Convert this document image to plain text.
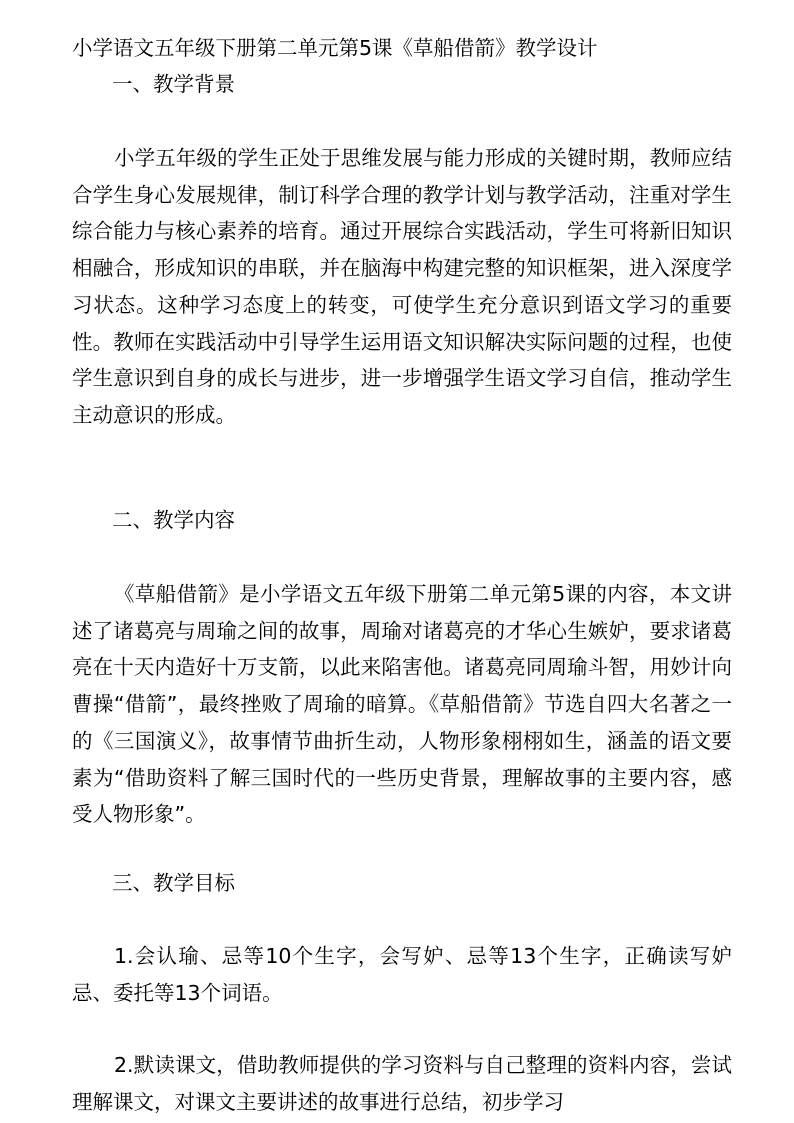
小学语文五年级下册第二单元第5课《草船借箭》教学设计
一、教学背景

小学五年级的学生正处于思维发展与能力形成的关键时期，教师应结合学生身心发展规律，制订科学合理的教学计划与教学活动，注重对学生综合能力与核心素养的培育。通过开展综合实践活动，学生可将新旧知识相融合，形成知识的串联，并在脑海中构建完整的知识框架，进入深度学习状态。这种学习态度上的转变，可使学生充分意识到语文学习的重要性。教师在实践活动中引导学生运用语文知识解决实际问题的过程，也使学生意识到自身的成长与进步，进一步增强学生语文学习自信，推动学生主动意识的形成。

二、教学内容

《草船借箭》是小学语文五年级下册第二单元第5课的内容，本文讲述了诸葛亮与周瑜之间的故事，周瑜对诸葛亮的才华心生嫉妒，要求诸葛亮在十天内造好十万支箭，以此来陷害他。诸葛亮同周瑜斗智，用妙计向曹操“借箭”，最终挫败了周瑜的暗算。《草船借箭》节选自四大名著之一的《三国演义》，故事情节曲折生动，人物形象栩栩如生，涵盖的语文要素为“借助资料了解三国时代的一些历史背景，理解故事的主要内容，感受人物形象”。

三、教学目标

1.会认瑜、忌等10个生字，会写妒、忌等13个生字，正确读写妒忌、委托等13个词语。

2.默读课文，借助教师提供的学习资料与自己整理的资料内容，尝试理解课文，对课文主要讲述的故事进行总结，初步学习
